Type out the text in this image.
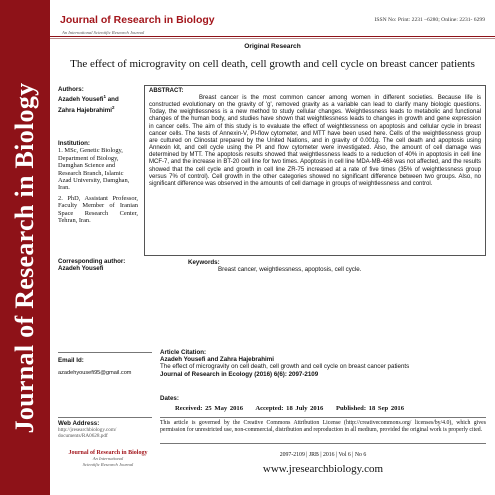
Journal of Research in Biology
Journal of Research in Biology
An International Scientific Research Journal
ISSN No: Print: 2231 –6280; Online: 2231- 6299
Original Research
The effect of microgravity on cell death, cell growth and cell cycle on breast cancer patients
Authors:
Azadeh Yousefi$^1$ and
Zahra Hajebrahimi$^2$
Institution:
1. MSc, Genetic Biology, Department of Biology, Damghan Science and Research Branch, Islamic Azad University, Damghan, Iran.
2. PhD, Assistant Professor, Faculty Member of Iranian Space Research Center, Tehran, Iran.
Corresponding author:
Azadeh Yousefi
Email Id:
azadehyousefi95@gmail.com
ABSTRACT:
Breast cancer is the most common cancer among women in different societies. Because life is constructed evolutionary on the gravity of 'g', removed gravity as a variable can lead to clarify many biologic questions. Today, the weightlessness is a new method to study cellular changes. Weightlessness leads to metabolic and functional changes of the human body, and studies have shown that weightlessness leads to changes in growth and gene expression in cancer cells. The aim of this study is to evaluate the effect of weightlessness on apoptosis and cellular cycle in breast cancer cells. The tests of Annexin-V, PI-flow cytometer, and MTT have been used here. Cells of the weightlessness group are cultured on Clinostat prepared by the United Nations, and in gravity of 0.001g. The cell death and apoptosis using Annexin kit, and cell cycle using the PI and flow cytometer were investigated. Also, the amount of cell damage was determined by MTT. The apoptosis results showed that weightlessness leads to a reduction of 40% in apoptosis in cell line MCF-7, and the increase in BT-20 cell line for two times. Apoptosis in cell line MDA-MB-468 was not affected, and the results showed that the cell cycle and growth in cell line ZR-75 increased at a rate of five times (35% of weightlessness group versus 7% of control). Cell growth in the other categories showed no significant difference between two groups. Also, no significant difference was observed in the amounts of cell damage in groups of weightlessness and control.
Keywords:
Breast cancer, weightlessness, apoptosis, cell cycle.
Article Citation:
Azadeh Yousefi and Zahra Hajebrahimi
The effect of microgravity on cell death, cell growth and cell cycle on breast cancer patients
Journal of Research in Ecology (2016) 6(6): 2097-2109
Dates:
Received: 25 May 2016 Accepted: 18 July 2016 Published: 18 Sep 2016
This article is governed by the Creative Commons Attribution License (http://creativecommons.org/ licenses/by/4.0), which gives permission for unrestricted use, non-commercial, distribution and reproduction in all medium, provided the original work is properly cited.
Web Address:
http://jresearchbiology.com/ documents/RA0628.pdf
Journal of Research in Biology
An International
Scientific Research Journal
2097-2109 | JRB | 2016 | Vol 6 | No 6
www.jresearchbiology.com
